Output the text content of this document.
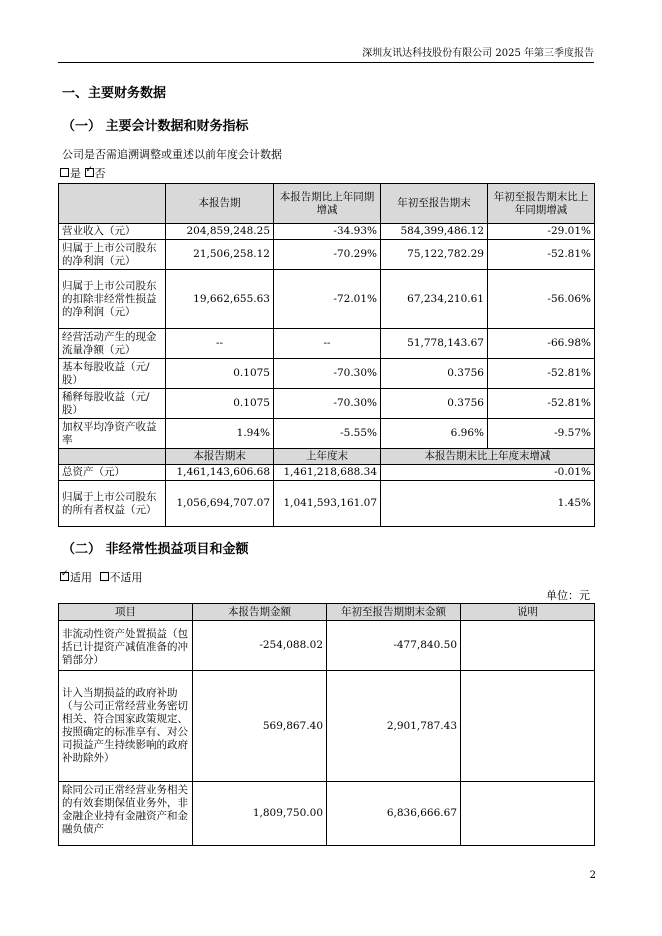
深圳友讯达科技股份有限公司 2025 年第三季度报告
一、主要财务数据
（一） 主要会计数据和财务指标
公司是否需追溯调整或重述以前年度会计数据
是 ✓ 否
	本报告期	本报告期比上年同期增减	年初至报告期末	年初至报告期末比上年同期增减
营业收入（元）	204,859,248.25	-34.93%	584,399,486.12	-29.01%
归属于上市公司股东的净利润（元）	21,506,258.12	-70.29%	75,122,782.29	-52.81%
归属于上市公司股东的扣除非经常性损益的净利润（元）	19,662,655.63	-72.01%	67,234,210.61	-56.06%
经营活动产生的现金流量净额（元）	--	--	51,778,143.67	-66.98%
基本每股收益（元/股）	0.1075	-70.30%	0.3756	-52.81%
稀释每股收益（元/股）	0.1075	-70.30%	0.3756	-52.81%
加权平均净资产收益率	1.94%	-5.55%	6.96%	-9.57%
	本报告期末	上年度末	本报告期末比上年度末增减	
总资产（元）	1,461,143,606.68	1,461,218,688.34	-0.01%	
归属于上市公司股东的所有者权益（元）	1,056,694,707.07	1,041,593,161.07	1.45%	
（二） 非经常性损益项目和金额
✓适用 不适用
单位：元
项目	本报告期金额	年初至报告期期末金额	说明
非流动性资产处置损益（包括已计提资产减值准备的冲销部分）	-254,088.02	-477,840.50	
计入当期损益的政府补助（与公司正常经营业务密切相关、符合国家政策规定、按照确定的标准享有、对公司损益产生持续影响的政府补助除外）	569,867.40	2,901,787.43	
除同公司正常经营业务相关的有效套期保值业务外，非金融企业持有金融资产和金融负债产	1,809,750.00	6,836,666.67	
2
